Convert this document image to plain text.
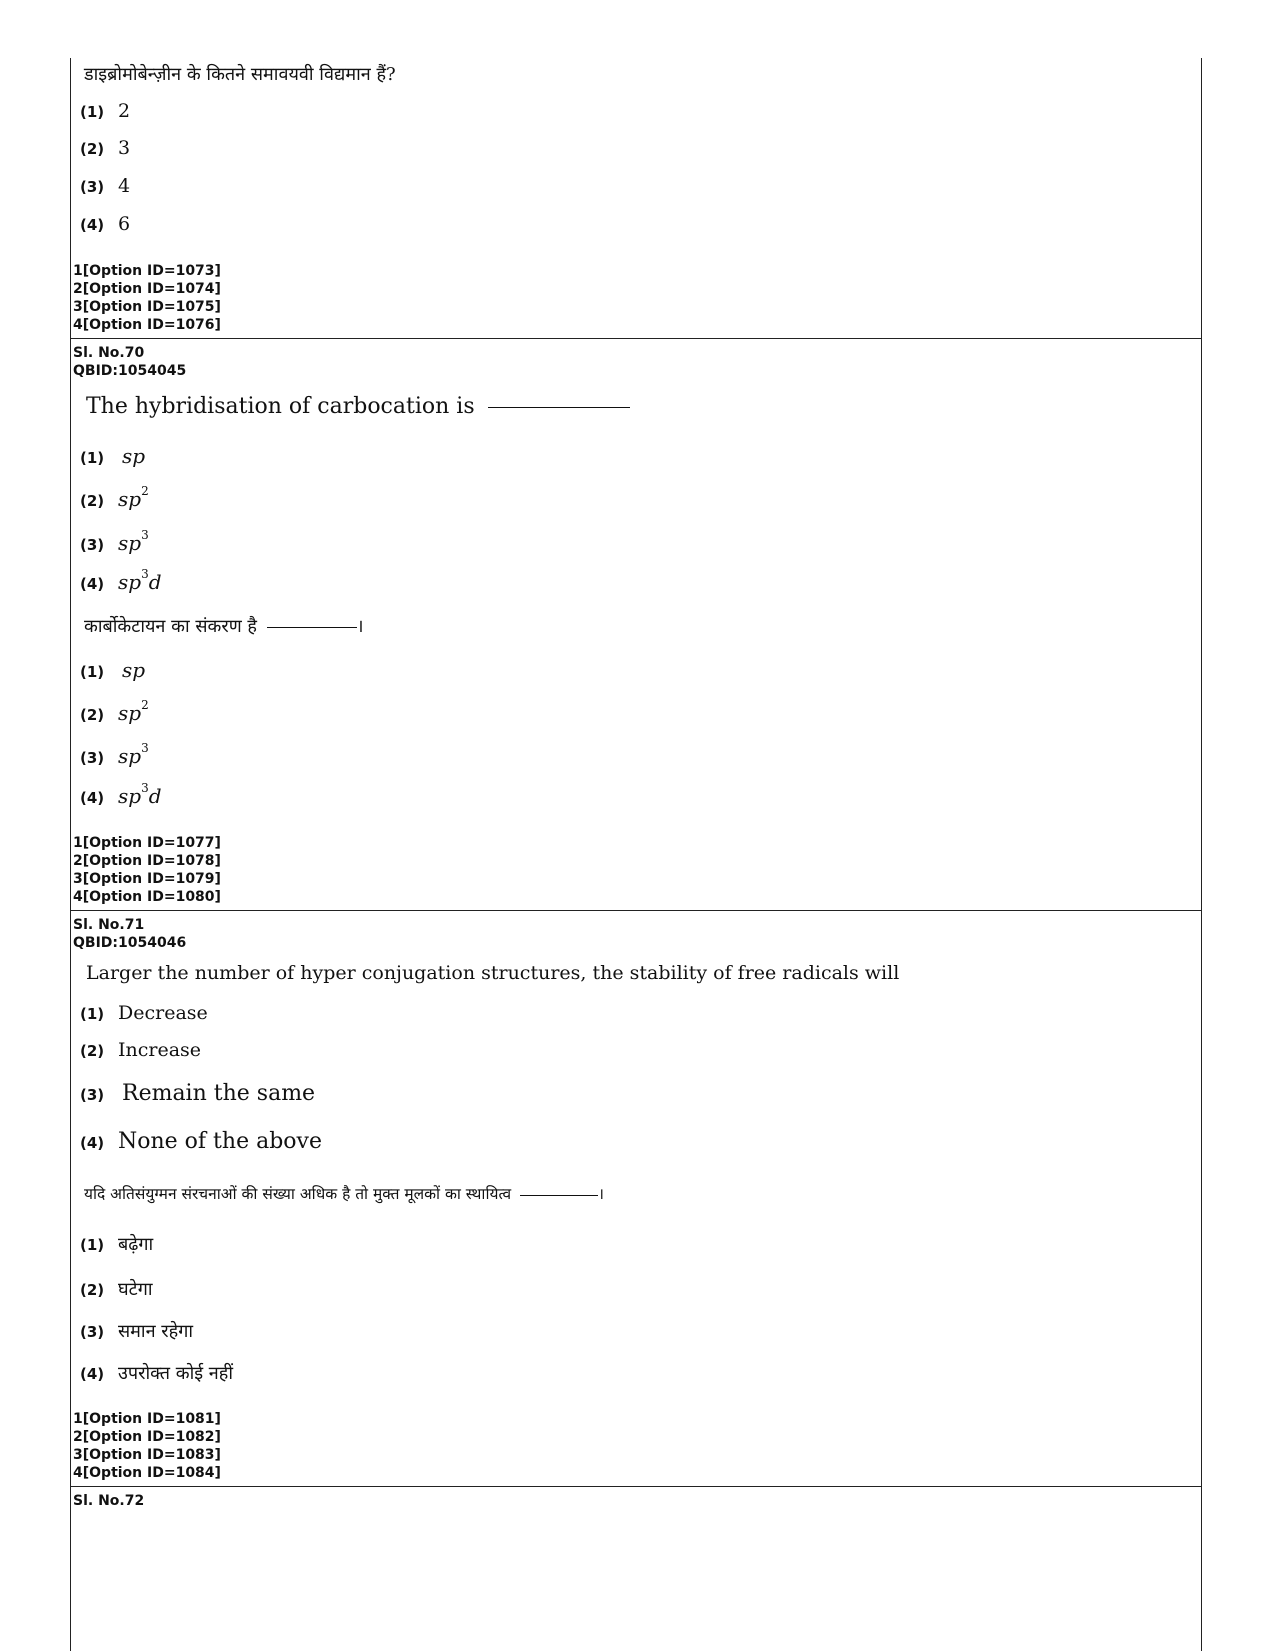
डाइब्रोमोबेन्ज़ीन के कितने समावयवी विद्यमान हैं?
(1) 2
(2) 3
(3) 4
(4) 6
1[Option ID=1073]
2[Option ID=1074]
3[Option ID=1075]
4[Option ID=1076]
Sl. No.70
QBID:1054045
The hybridisation of carbocation is
(1) sp
(2) $sp^2$
(3) $sp^3$
(4) $sp^3d$
कार्बोकेटायन का संकरण है	।
(1) sp
(2) $sp^2$
(3) $sp^3$
(4) $sp^3d$
1[Option ID=1077]
2[Option ID=1078]
3[Option ID=1079]
4[Option ID=1080]
Sl. No.71
QBID:1054046
Larger the number of hyper conjugation structures, the stability of free radicals will
(1) Decrease
(2) Increase
(3) Remain the same
(4) None of the above
यदि अतिसंयुग्मन संरचनाओं की संख्या अधिक है तो मुक्त मूलकों का स्थायित्व	।
(1) बढ़ेगा
(2) घटेगा
(3) समान रहेगा
(4) उपरोक्त कोई नहीं
1[Option ID=1081]
2[Option ID=1082]
3[Option ID=1083]
4[Option ID=1084]
Sl. No.72
